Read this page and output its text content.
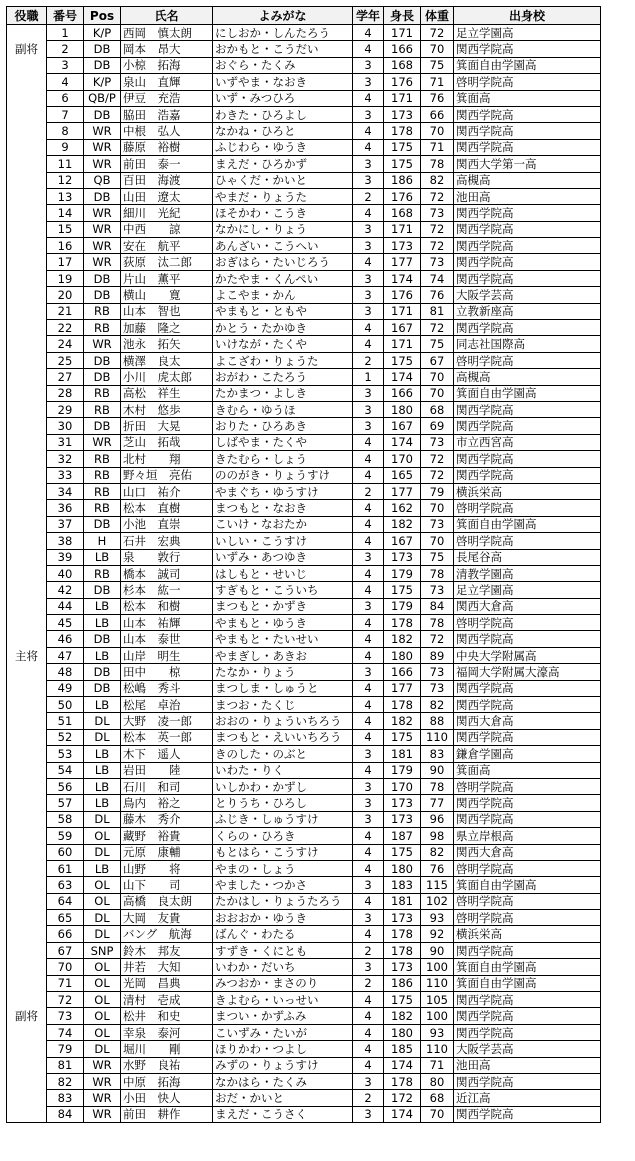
役職	番号	Pos	氏名	よみがな	学年	身長	体重	出身校
	1	K/P	西岡　慎太朗	にしおか・しんたろう	4	171	72	足立学園高
副将	2	DB	岡本　昂大	おかもと・こうだい	4	166	70	関西学院高
	3	DB	小椋　拓海	おぐら・たくみ	3	168	75	箕面自由学園高
	4	K/P	泉山　直輝	いずやま・なおき	3	176	71	啓明学院高
	6	QB/P	伊豆　充浩	いず・みつひろ	4	171	76	箕面高
	7	DB	脇田　浩嘉	わきた・ひろよし	3	173	66	関西学院高
	8	WR	中根　弘人	なかね・ひろと	4	178	70	関西学院高
	9	WR	藤原　裕樹	ふじわら・ゆうき	4	175	71	関西学院高
	11	WR	前田　泰一	まえだ・ひろかず	3	175	78	関西大学第一高
	12	QB	百田　海渡	ひゃくだ・かいと	3	186	82	高槻高
	13	DB	山田　遼太	やまだ・りょうた	2	176	72	池田高
	14	WR	細川　光紀	ほそかわ・こうき	4	168	73	関西学院高
	15	WR	中西　　諒	なかにし・りょう	3	171	72	関西学院高
	16	WR	安在　航平	あんざい・こうへい	3	173	72	関西学院高
	17	WR	荻原　汰二郎	おぎはら・たいじろう	4	177	73	関西学院高
	19	DB	片山　薫平	かたやま・くんぺい	3	174	74	関西学院高
	20	DB	横山　　寛	よこやま・かん	3	176	76	大阪学芸高
	21	RB	山本　智也	やまもと・ともや	3	171	81	立教新座高
	22	RB	加藤　隆之	かとう・たかゆき	4	167	72	関西学院高
	24	WR	池永　拓矢	いけなが・たくや	4	171	75	同志社国際高
	25	DB	横澤　良太	よこざわ・りょうた	2	175	67	啓明学院高
	27	DB	小川　虎太郎	おがわ・こたろう	1	174	70	高槻高
	28	RB	高松　祥生	たかまつ・よしき	3	166	70	箕面自由学園高
	29	RB	木村　悠歩	きむら・ゆうほ	3	180	68	関西学院高
	30	DB	折田　大晃	おりた・ひろあき	3	167	69	関西学院高
	31	WR	芝山　拓哉	しばやま・たくや	4	174	73	市立西宮高
	32	RB	北村　　翔	きたむら・しょう	4	170	72	関西学院高
	33	RB	野々垣　亮佑	ののがき・りょうすけ	4	165	72	関西学院高
	34	RB	山口　祐介	やまぐち・ゆうすけ	2	177	79	横浜栄高
	36	RB	松本　直樹	まつもと・なおき	4	162	70	啓明学院高
	37	DB	小池　直崇	こいけ・なおたか	4	182	73	箕面自由学園高
	38	H	石井　宏典	いしい・こうすけ	4	167	70	啓明学院高
	39	LB	泉　　敦行	いずみ・あつゆき	3	173	75	長尾谷高
	40	RB	橋本　誠司	はしもと・せいじ	4	179	78	清教学園高
	42	DB	杉本　紘一	すぎもと・こういち	4	175	73	足立学園高
	44	LB	松本　和樹	まつもと・かずき	3	179	84	関西大倉高
	45	LB	山本　祐輝	やまもと・ゆうき	4	178	78	啓明学院高
	46	DB	山本　泰世	やまもと・たいせい	4	182	72	関西学院高
主将	47	LB	山岸　明生	やまぎし・あきお	4	180	89	中央大学附属高
	48	DB	田中　　椋	たなか・りょう	3	166	73	福岡大学附属大濠高
	49	DB	松嶋　秀斗	まつしま・しゅうと	4	177	73	関西学院高
	50	LB	松尾　卓治	まつお・たくじ	4	178	82	関西学院高
	51	DL	大野　凌一郎	おおの・りょういちろう	4	182	88	関西大倉高
	52	DL	松本　英一郎	まつもと・えいいちろう	4	175	110	関西学院高
	53	LB	木下　遥人	きのした・のぶと	3	181	83	鎌倉学園高
	54	LB	岩田　　陸	いわた・りく	4	179	90	箕面高
	56	LB	石川　和司	いしかわ・かずし	3	170	78	啓明学院高
	57	LB	鳥内　裕之	とりうち・ひろし	3	173	77	関西学院高
	58	DL	藤木　秀介	ふじき・しゅうすけ	3	173	96	関西学院高
	59	OL	藏野　裕貴	くらの・ひろき	4	187	98	県立岸根高
	60	DL	元原　康輔	もとはら・こうすけ	4	175	82	関西大倉高
	61	LB	山野　　将	やまの・しょう	4	180	76	啓明学院高
	63	OL	山下　　司	やました・つかさ	3	183	115	箕面自由学園高
	64	OL	高橋　良太朗	たかはし・りょうたろう	4	181	102	啓明学院高
	65	DL	大岡　友貴	おおおか・ゆうき	3	173	93	啓明学院高
	66	DL	バング　航海	ばんぐ・わたる	4	178	92	横浜栄高
	67	SNP	鈴木　邦友	すずき・くにとも	2	178	90	関西学院高
	70	OL	井若　大知	いわか・だいち	3	173	100	箕面自由学園高
	71	OL	光岡　昌典	みつおか・まさのり	2	186	110	箕面自由学園高
	72	OL	清村　壱成	きよむら・いっせい	4	175	105	関西学院高
副将	73	OL	松井　和史	まつい・かずふみ	4	182	100	関西学院高
	74	OL	幸泉　泰河	こいずみ・たいが	4	180	93	関西学院高
	79	DL	堀川　　剛	ほりかわ・つよし	4	185	110	大阪学芸高
	81	WR	水野　良祐	みずの・りょうすけ	4	174	71	池田高
	82	WR	中原　拓海	なかはら・たくみ	3	178	80	関西学院高
	83	WR	小田　快人	おだ・かいと	2	172	68	近江高
	84	WR	前田　耕作	まえだ・こうさく	3	174	70	関西学院高
